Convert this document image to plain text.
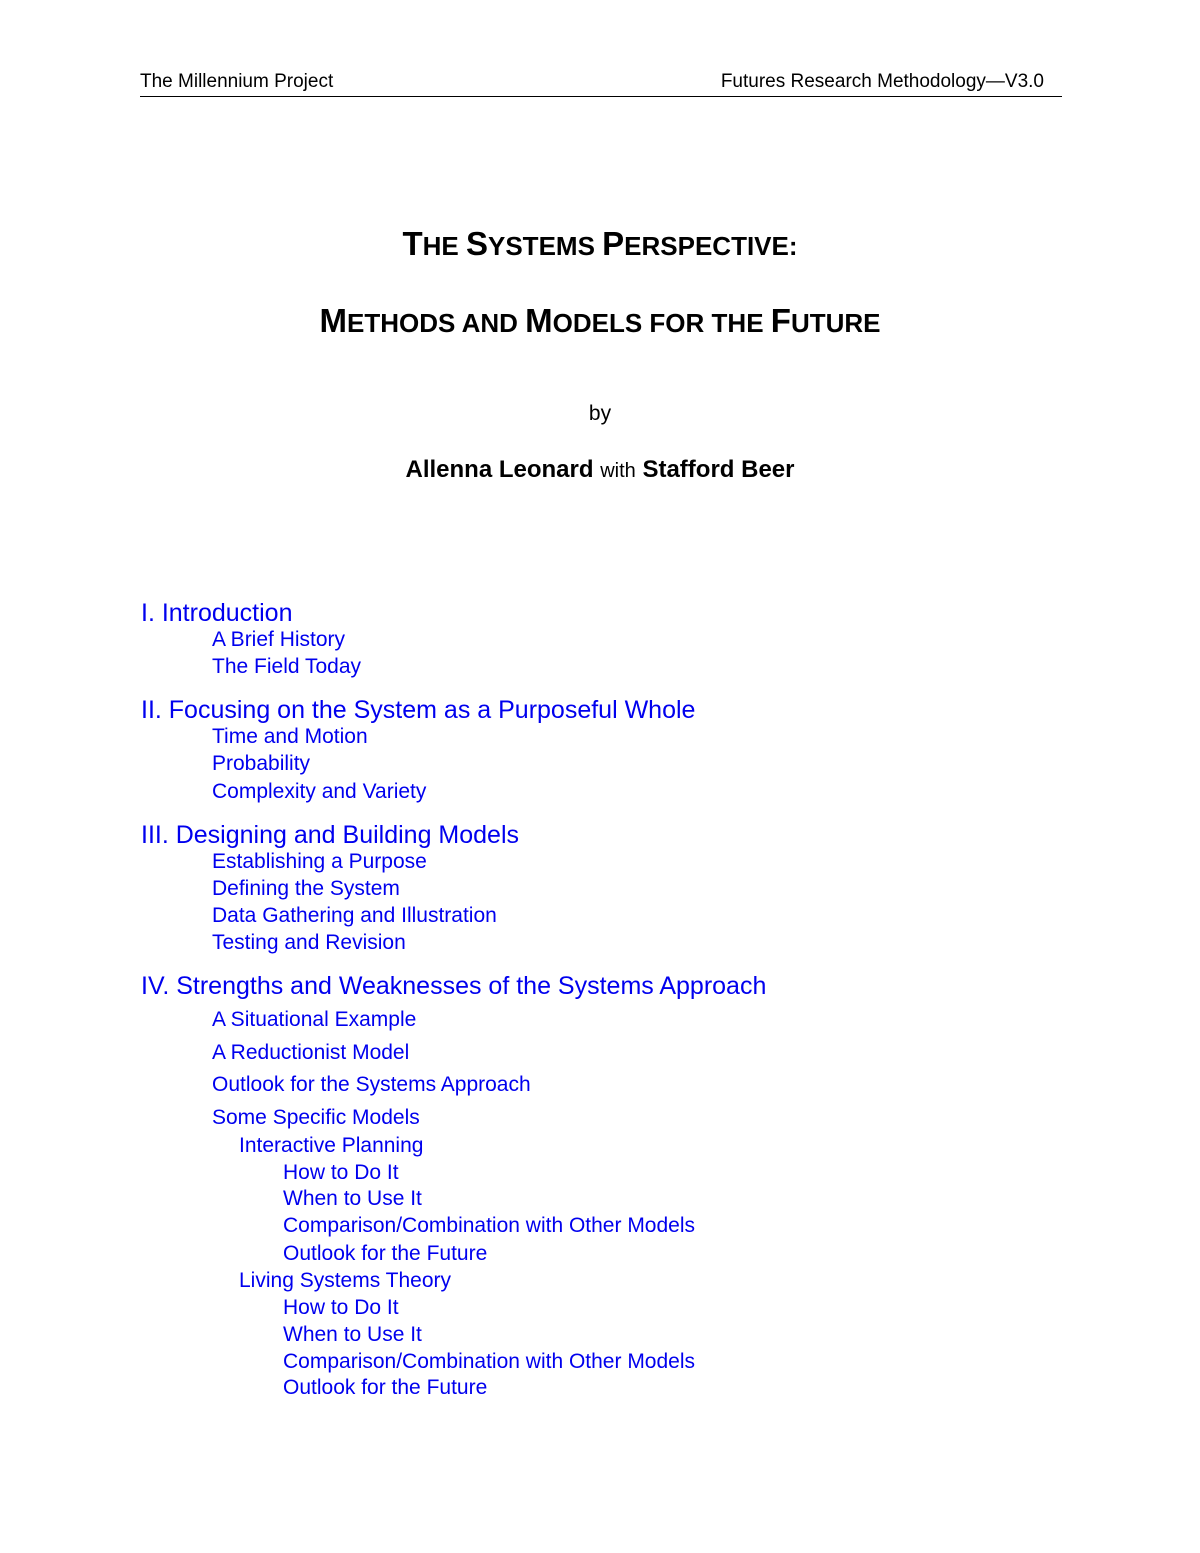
The Millennium Project	Futures Research Methodology—V3.0
THE SYSTEMS PERSPECTIVE:
METHODS AND MODELS FOR THE FUTURE
by
Allenna Leonard with Stafford Beer
I. Introduction
A Brief History
The Field Today
II. Focusing on the System as a Purposeful Whole
Time and Motion
Probability
Complexity and Variety
III. Designing and Building Models
Establishing a Purpose
Defining the System
Data Gathering and Illustration
Testing and Revision
IV. Strengths and Weaknesses of the Systems Approach
A Situational Example
A Reductionist Model
Outlook for the Systems Approach
Some Specific Models
Interactive Planning
How to Do It
When to Use It
Comparison/Combination with Other Models
Outlook for the Future
Living Systems Theory
How to Do It
When to Use It
Comparison/Combination with Other Models
Outlook for the Future
